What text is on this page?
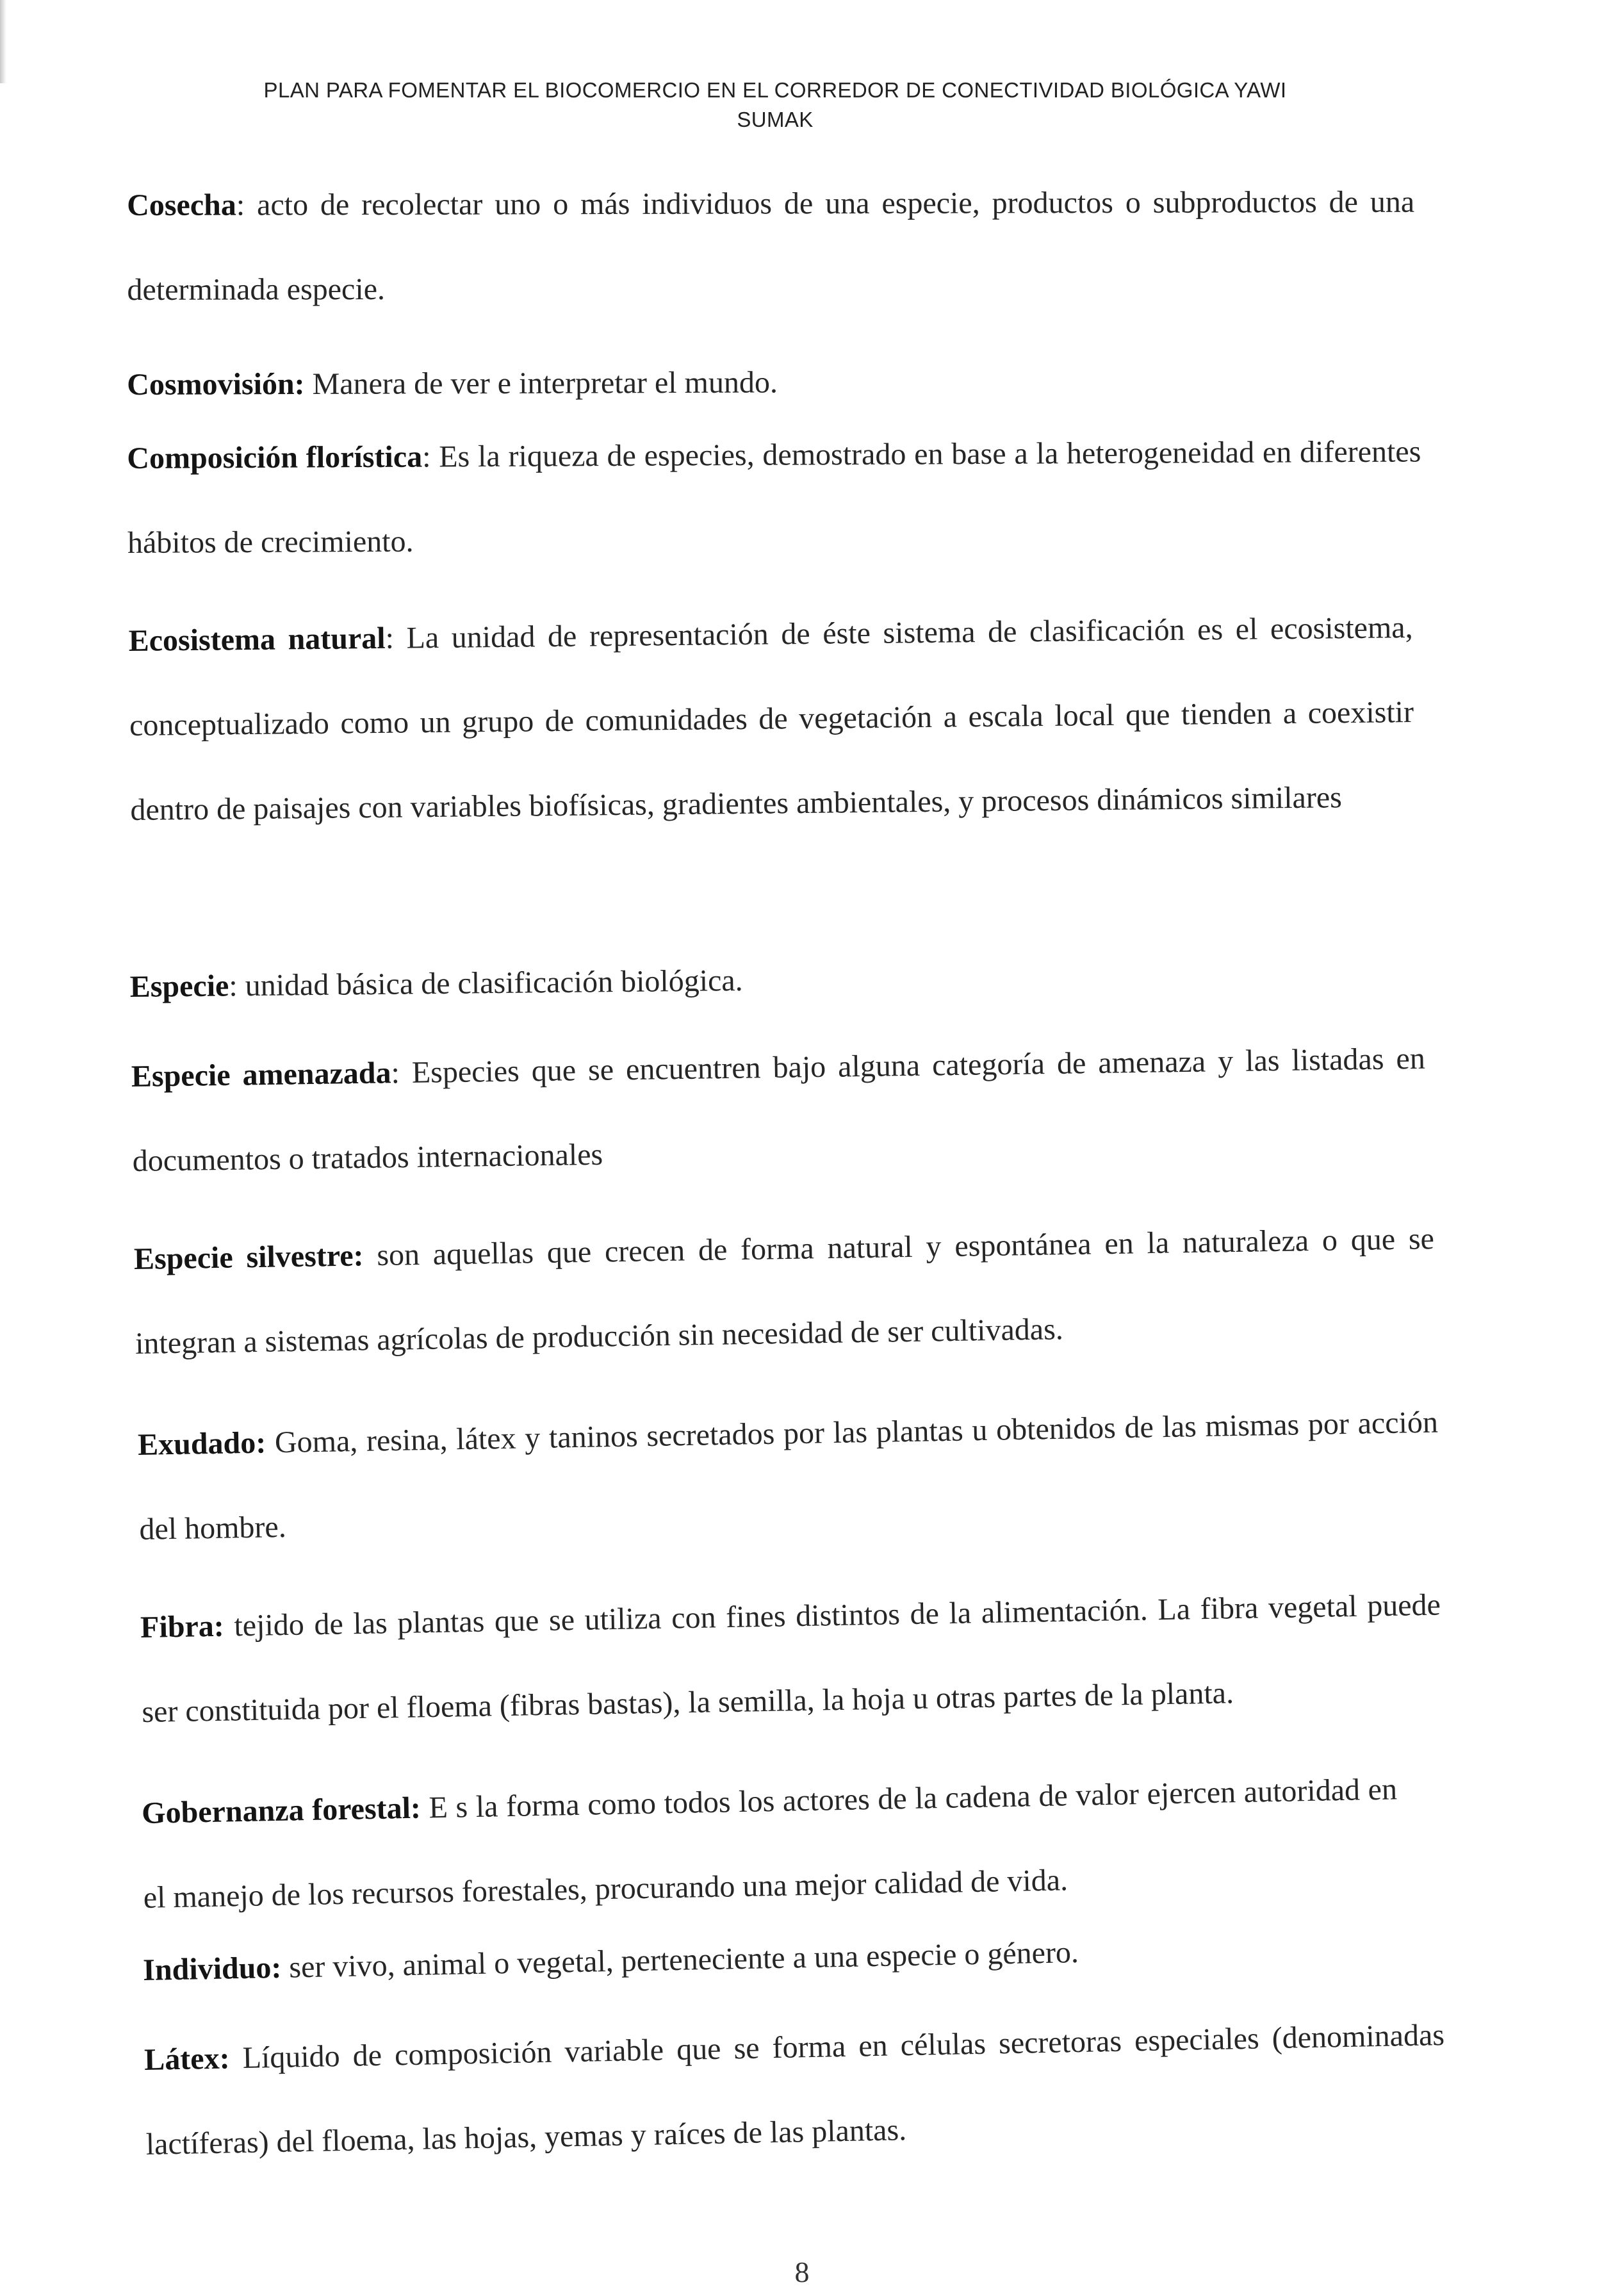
PLAN PARA FOMENTAR EL BIOCOMERCIO EN EL CORREDOR DE CONECTIVIDAD BIOLÓGICA YAWI
SUMAK
Cosecha: acto de recolectar uno o más individuos de una especie, productos o subproductos de una determinada especie.
Cosmovisión: Manera de ver e interpretar el mundo.
Composición florística: Es la riqueza de especies, demostrado en base a la heterogeneidad en diferentes hábitos de crecimiento.
Ecosistema natural: La unidad de representación de éste sistema de clasificación es el ecosistema, conceptualizado como un grupo de comunidades de vegetación a escala local que tienden a coexistir dentro de paisajes con variables biofísicas, gradientes ambientales, y procesos dinámicos similares
Especie: unidad básica de clasificación biológica.
Especie amenazada: Especies que se encuentren bajo alguna categoría de amenaza y las listadas en documentos o tratados internacionales
Especie silvestre: son aquellas que crecen de forma natural y espontánea en la naturaleza o que se integran a sistemas agrícolas de producción sin necesidad de ser cultivadas.
Exudado: Goma, resina, látex y taninos secretados por las plantas u obtenidos de las mismas por acción del hombre.
Fibra: tejido de las plantas que se utiliza con fines distintos de la alimentación. La fibra vegetal puede ser constituida por el floema (fibras bastas), la semilla, la hoja u otras partes de la planta.
Gobernanza forestal: E s la forma como todos los actores de la cadena de valor ejercen autoridad en el manejo de los recursos forestales, procurando una mejor calidad de vida.
Individuo: ser vivo, animal o vegetal, perteneciente a una especie o género.
Látex: Líquido de composición variable que se forma en células secretoras especiales (denominadas lactíferas) del floema, las hojas, yemas y raíces de las plantas.
8
